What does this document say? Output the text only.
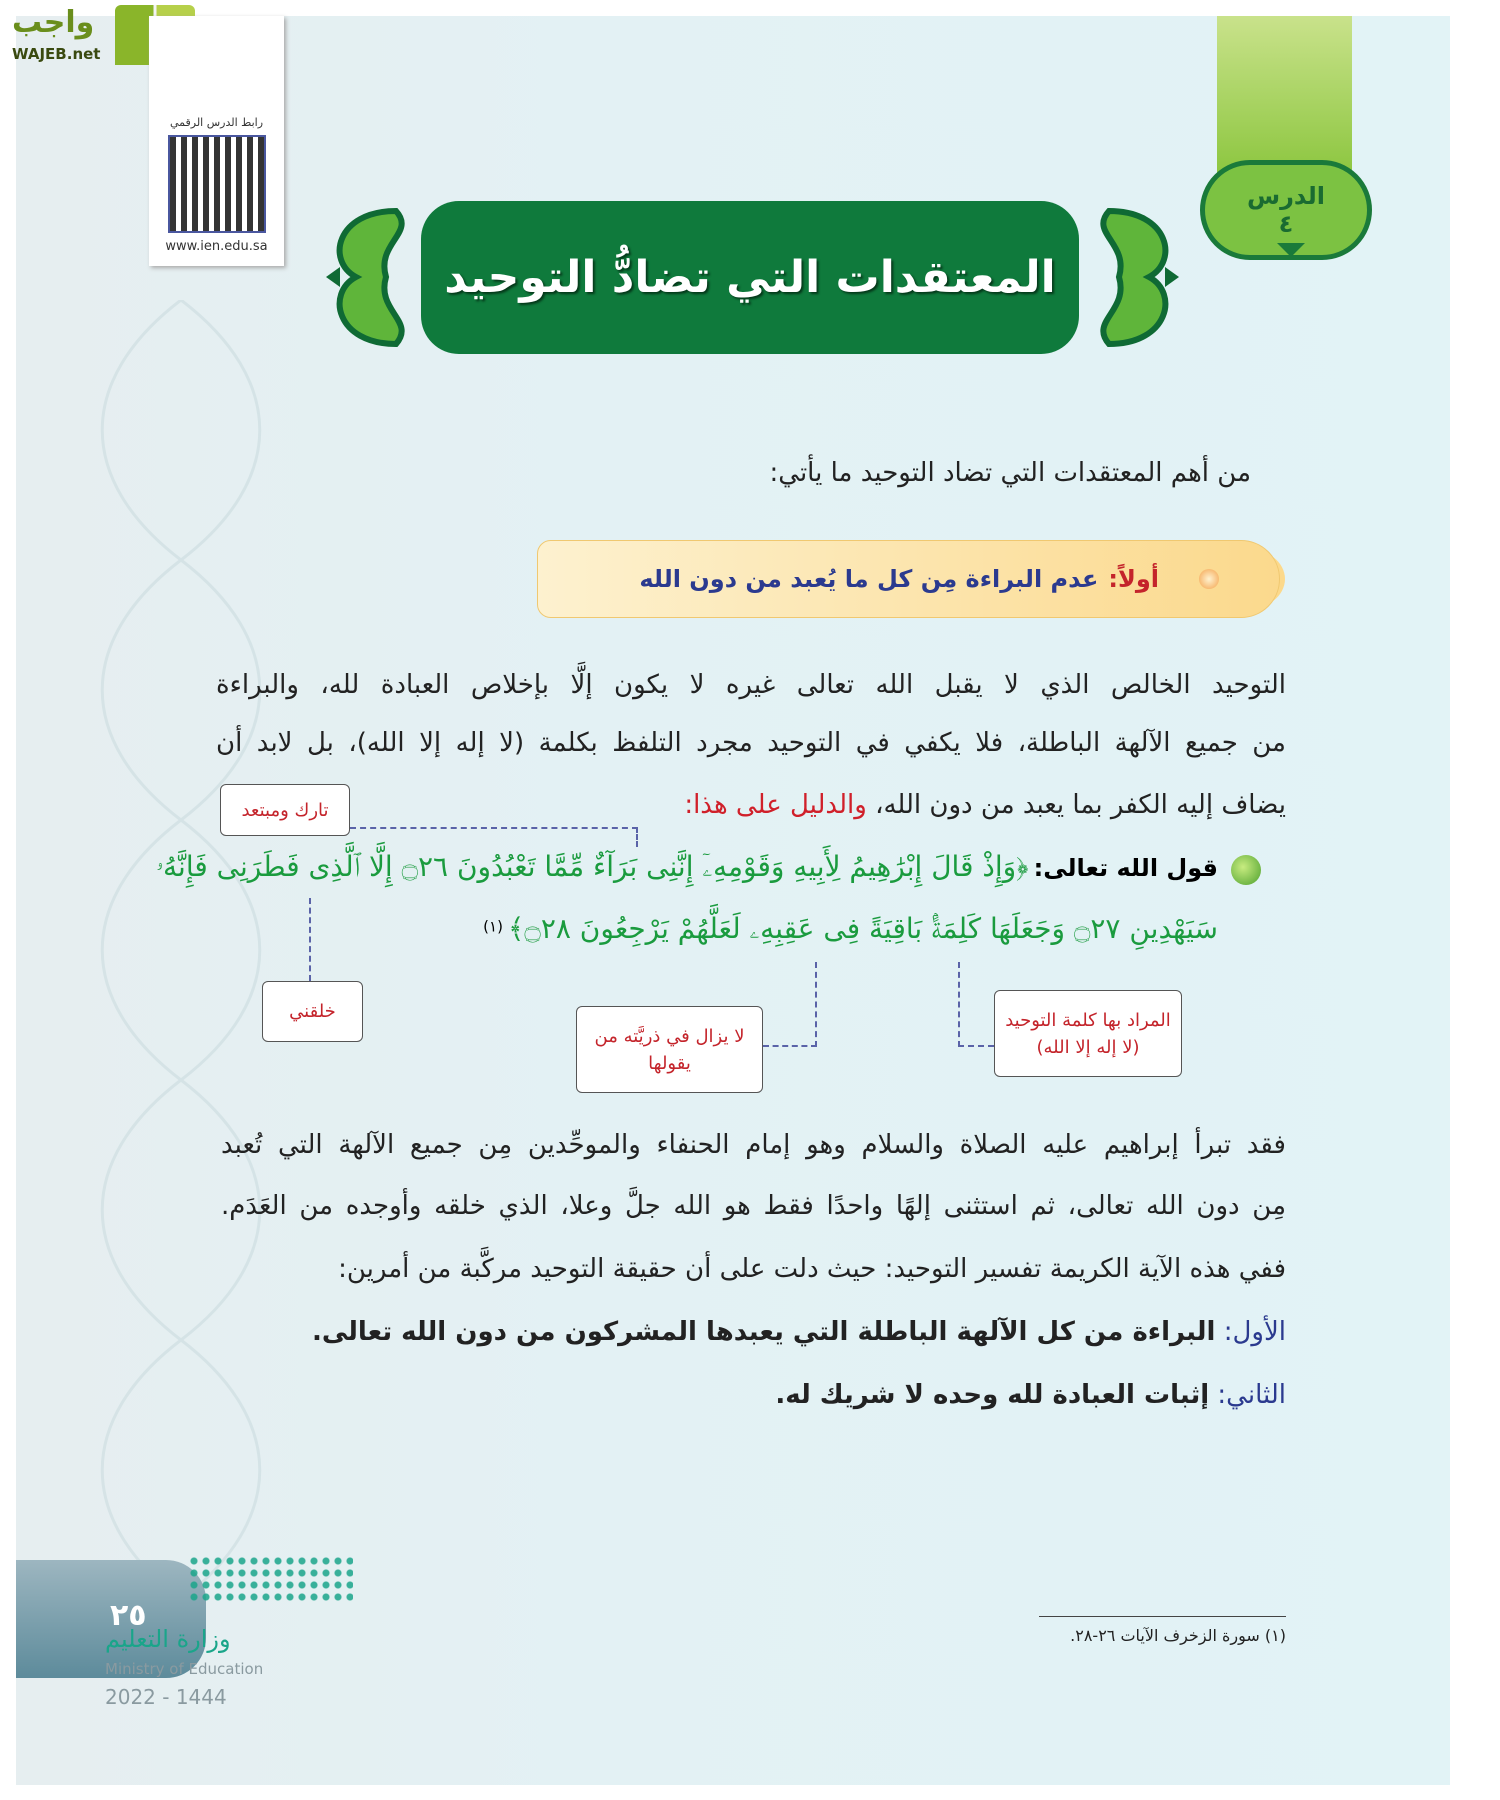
واجب
WAJEB.net
رابط الدرس الرقمي
www.ien.edu.sa
الدرس
٤
المعتقدات التي تضادُّ التوحيد
من أهم المعتقدات التي تضاد التوحيد ما يأتي:
أولاً:
عدم البراءة مِن كل ما يُعبد من دون الله
التوحيد الخالص الذي لا يقبل الله تعالى غيره لا يكون إلَّا بإخلاص العبادة لله، والبراءة
من جميع الآلهة الباطلة، فلا يكفي في التوحيد مجرد التلفظ بكلمة (لا إله إلا الله)، بل لابد أن
يضاف إليه الكفر بما يعبد من دون الله، والدليل على هذا:
قول الله تعالى: ﴿وَإِذْ قَالَ إِبْرَٰهِيمُ لِأَبِيهِ وَقَوْمِهِۦٓ إِنَّنِى بَرَآءٌ مِّمَّا تَعْبُدُونَ ۝٢٦ إِلَّا ٱلَّذِى فَطَرَنِى فَإِنَّهُۥ
سَيَهْدِينِ ۝٢٧ وَجَعَلَهَا كَلِمَةًۢ بَاقِيَةً فِى عَقِبِهِۦ لَعَلَّهُمْ يَرْجِعُونَ ۝٢٨﴾ $^{(١)}$
تارك ومبتعد
خلقني
لا يزال في ذريَّته من
يقولها
المراد بها كلمة التوحيد
(لا إله إلا الله)
فقد تبرأ إبراهيم عليه الصلاة والسلام وهو إمام الحنفاء والموحِّدين مِن جميع الآلهة التي تُعبد
مِن دون الله تعالى، ثم استثنى إلهًا واحدًا فقط هو الله جلَّ وعلا، الذي خلقه وأوجده من العَدَم.
ففي هذه الآية الكريمة تفسير التوحيد: حيث دلت على أن حقيقة التوحيد مركَّبة من أمرين:
الأول: البراءة من كل الآلهة الباطلة التي يعبدها المشركون من دون الله تعالى.
الثاني: إثبات العبادة لله وحده لا شريك له.
(١) سورة الزخرف الآيات ٢٦-٢٨.
٢٥
وزارة التعليم
Ministry of Education
2022 - 1444
